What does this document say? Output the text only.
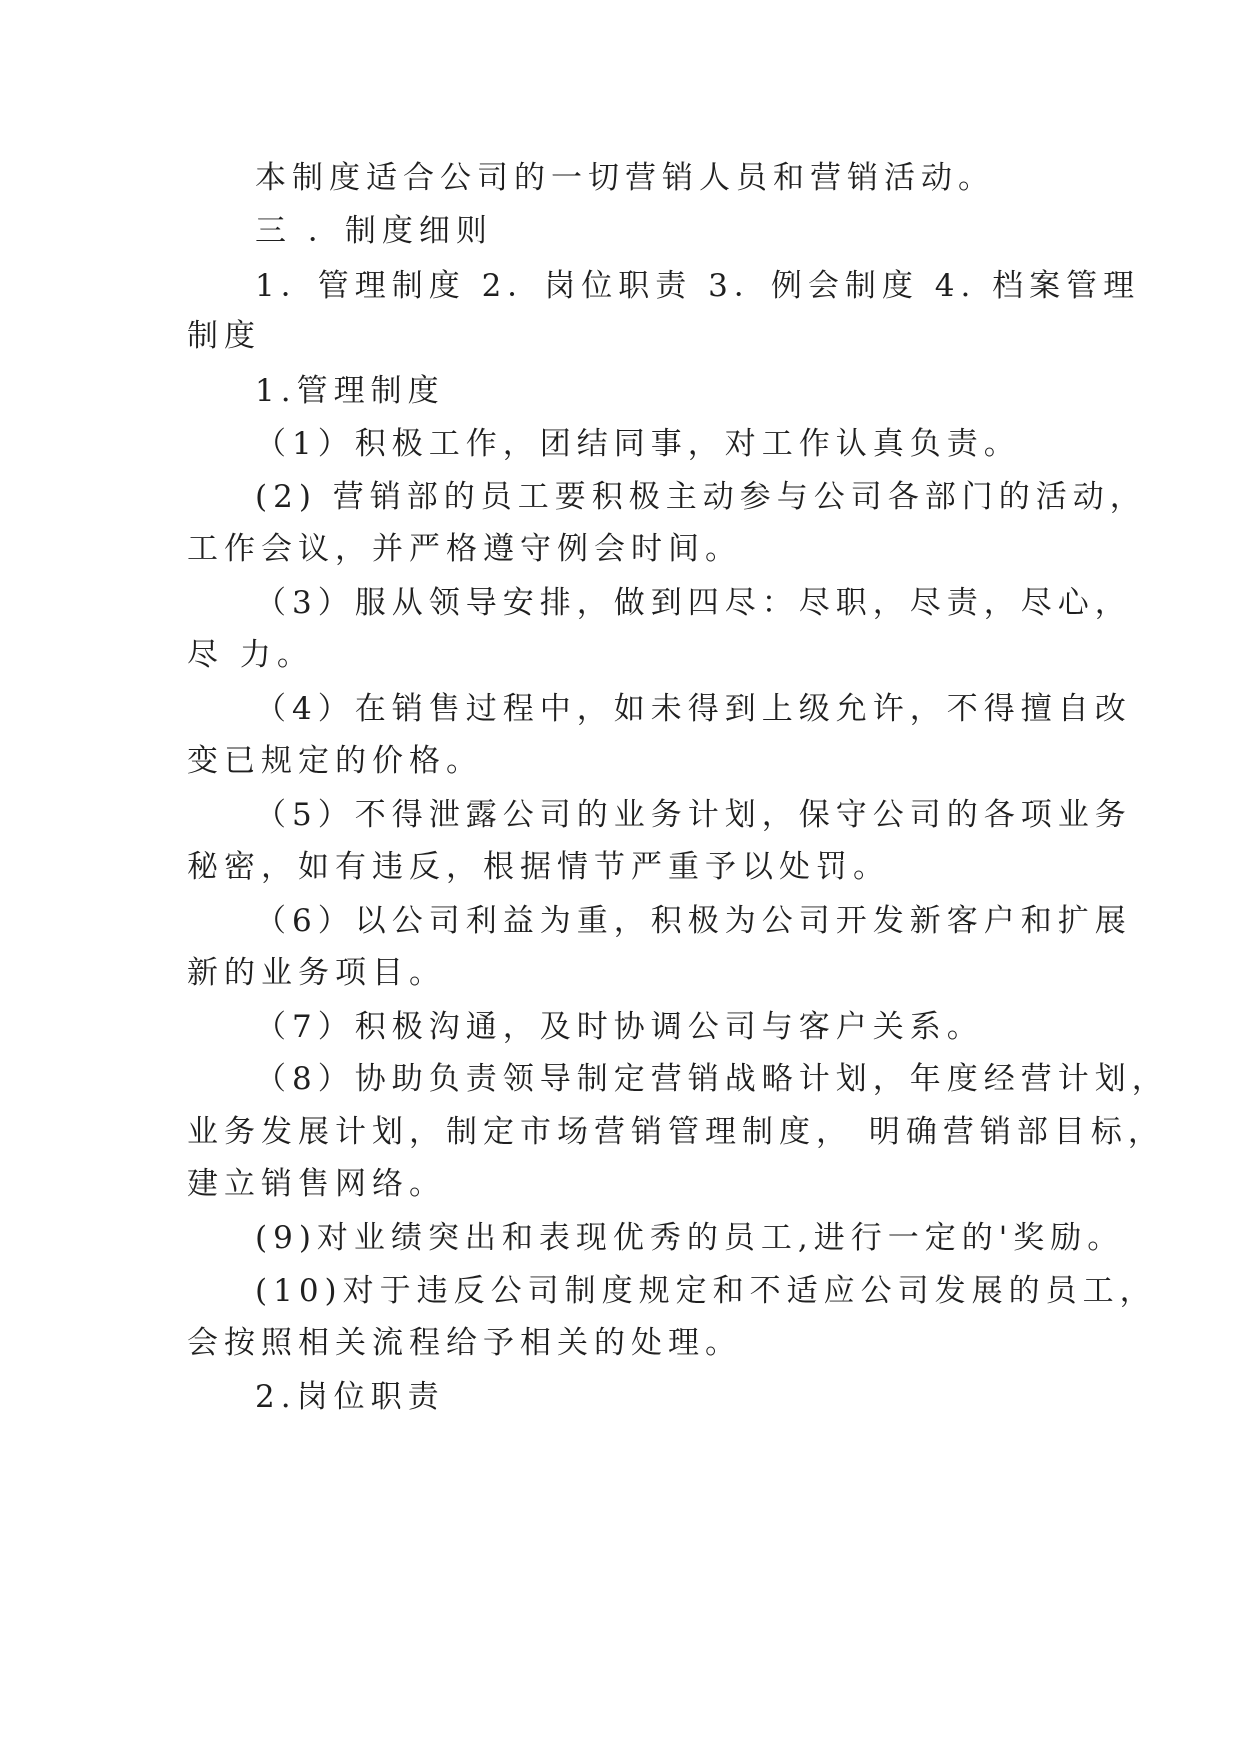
本制度适合公司的一切营销人员和营销活动。
三 ．制度细则
1．管理制度 2．岗位职责 3．例会制度 4. 档案管理
制度
1.管理制度
（1）积极工作，团结同事，对工作认真负责。
(2) 营销部的员工要积极主动参与公司各部门的活动，
工作会议，并严格遵守例会时间。
（3）服从领导安排，做到四尽：尽职，尽责，尽心，
尽 力。
（4）在销售过程中，如未得到上级允许，不得擅自改
变已规定的价格。
（5）不得泄露公司的业务计划，保守公司的各项业务
秘密，如有违反，根据情节严重予以处罚。
（6）以公司利益为重，积极为公司开发新客户和扩展
新的业务项目。
（7）积极沟通，及时协调公司与客户关系。
（8）协助负责领导制定营销战略计划，年度经营计划，
业务发展计划，制定市场营销管理制度， 明确营销部目标，
建立销售网络。
(9)对业绩突出和表现优秀的员工,进行一定的'奖励。
(10)对于违反公司制度规定和不适应公司发展的员工，
会按照相关流程给予相关的处理。
2.岗位职责
